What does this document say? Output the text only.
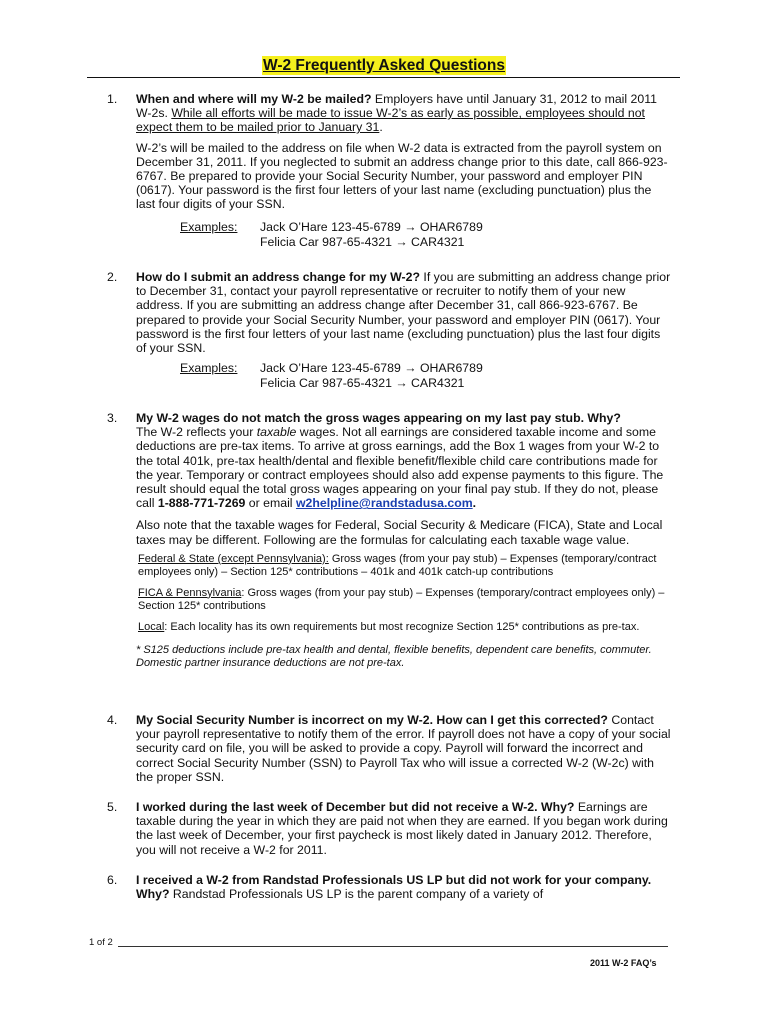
W-2 Frequently Asked Questions
1. When and where will my W-2 be mailed? Employers have until January 31, 2012 to mail 2011 W-2s. While all efforts will be made to issue W-2’s as early as possible, employees should not expect them to be mailed prior to January 31.

W-2’s will be mailed to the address on file when W-2 data is extracted from the payroll system on December 31, 2011. If you neglected to submit an address change prior to this date, call 866-923-6767. Be prepared to provide your Social Security Number, your password and employer PIN (0617). Your password is the first four letters of your last name (excluding punctuation) plus the last four digits of your SSN.

Examples: Jack O’Hare 123-45-6789 → OHAR6789
Felicia Car 987-65-4321 → CAR4321
2. How do I submit an address change for my W-2? If you are submitting an address change prior to December 31, contact your payroll representative or recruiter to notify them of your new address. If you are submitting an address change after December 31, call 866-923-6767. Be prepared to provide your Social Security Number, your password and employer PIN (0617). Your password is the first four letters of your last name (excluding punctuation) plus the last four digits of your SSN.

Examples: Jack O’Hare 123-45-6789 → OHAR6789
Felicia Car 987-65-4321 → CAR4321
3. My W-2 wages do not match the gross wages appearing on my last pay stub. Why?
The W-2 reflects your taxable wages. Not all earnings are considered taxable income and some deductions are pre-tax items. To arrive at gross earnings, add the Box 1 wages from your W-2 to the total 401k, pre-tax health/dental and flexible benefit/flexible child care contributions made for the year. Temporary or contract employees should also add expense payments to this figure. The result should equal the total gross wages appearing on your final pay stub. If they do not, please call 1-888-771-7269 or email w2helpline@randstadusa.com.

Also note that the taxable wages for Federal, Social Security & Medicare (FICA), State and Local taxes may be different. Following are the formulas for calculating each taxable wage value.

Federal & State (except Pennsylvania): Gross wages (from your pay stub) – Expenses (temporary/contract employees only) – Section 125* contributions – 401k and 401k catch-up contributions

FICA & Pennsylvania: Gross wages (from your pay stub) – Expenses (temporary/contract employees only) – Section 125* contributions

Local: Each locality has its own requirements but most recognize Section 125* contributions as pre-tax.

* S125 deductions include pre-tax health and dental, flexible benefits, dependent care benefits, commuter. Domestic partner insurance deductions are not pre-tax.

4. My Social Security Number is incorrect on my W-2. How can I get this corrected? Contact your payroll representative to notify them of the error. If payroll does not have a copy of your social security card on file, you will be asked to provide a copy. Payroll will forward the incorrect and correct Social Security Number (SSN) to Payroll Tax who will issue a corrected W-2 (W-2c) with the proper SSN.

5. I worked during the last week of December but did not receive a W-2. Why? Earnings are taxable during the year in which they are paid not when they are earned. If you began work during the last week of December, your first paycheck is most likely dated in January 2012. Therefore, you will not receive a W-2 for 2011.

6. I received a W-2 from Randstad Professionals US LP but did not work for your company. Why? Randstad Professionals US LP is the parent company of a variety of

1 of 2
2011 W-2 FAQ’s
